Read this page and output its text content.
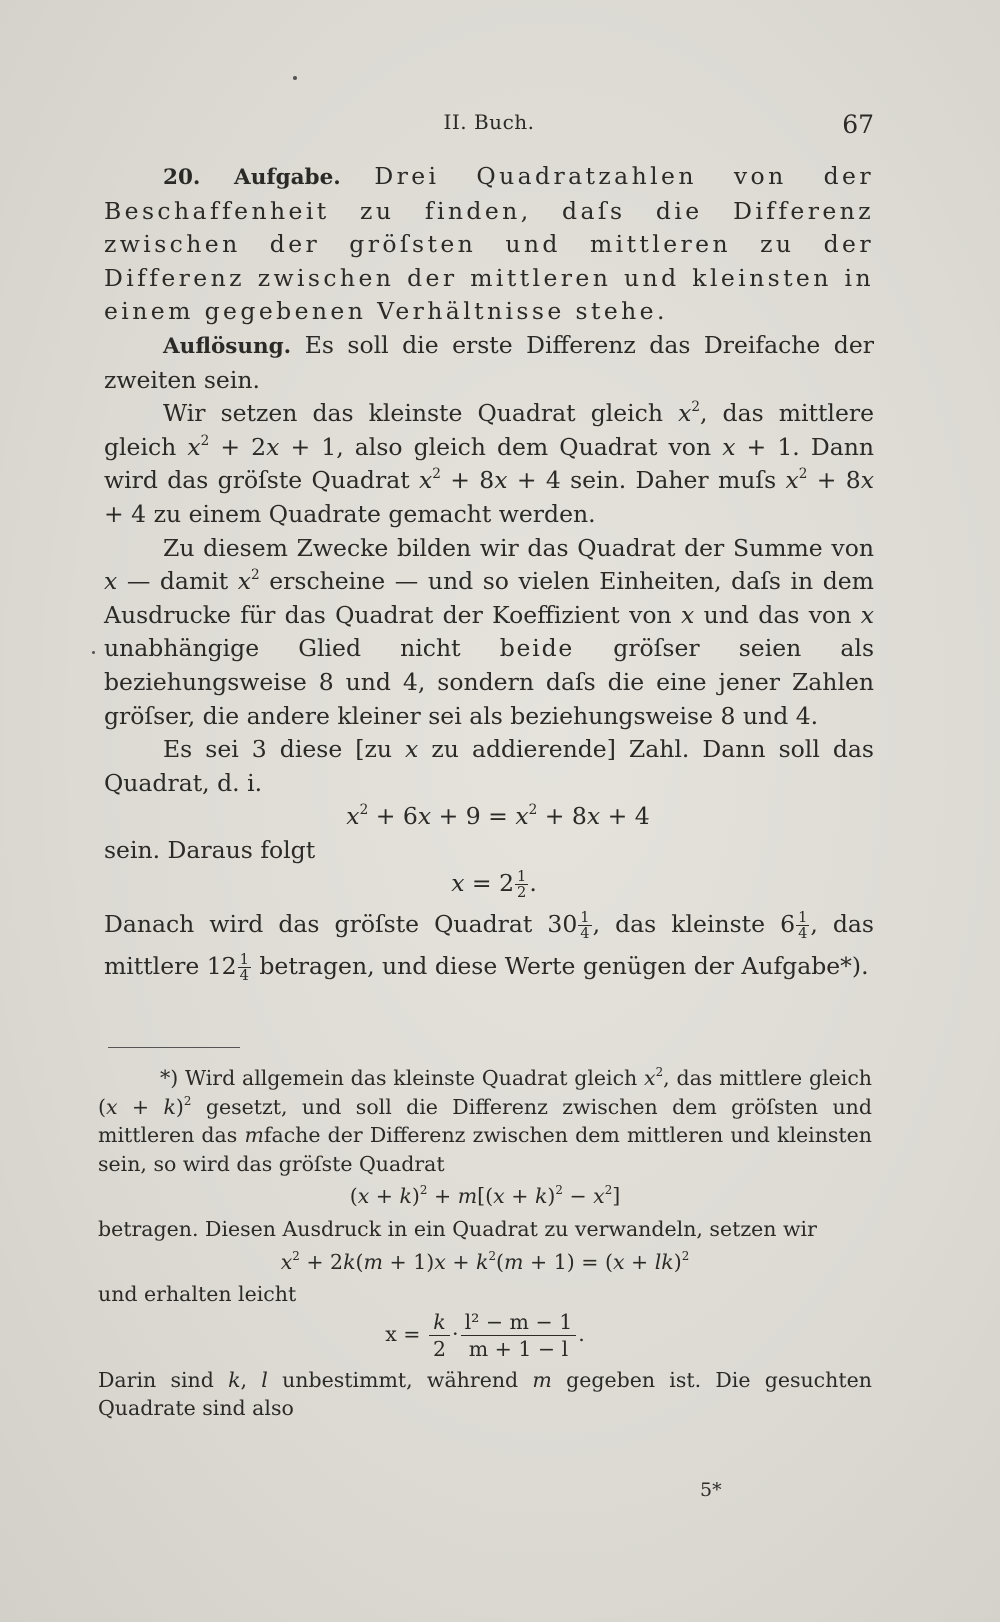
II. Buch.	67

20. Aufgabe. Drei Quadratzahlen von der Beschaffenheit zu finden, daſs die Differenz zwischen der gröſsten und mittleren zu der Differenz zwischen der mittleren und kleinsten in einem gegebenen Verhältnisse stehe.

Auflösung. Es soll die erste Differenz das Dreifache der zweiten sein.

Wir setzen das kleinste Quadrat gleich $x^2$, das mittlere gleich $x^2 + 2x + 1$, also gleich dem Quadrat von x + 1. Dann wird das gröſste Quadrat $x^2 + 8x + 4$ sein. Daher muſs $x^2 + 8x + 4$ zu einem Quadrate gemacht werden.

Zu diesem Zwecke bilden wir das Quadrat der Summe von x — damit $x^2$ erscheine — und so vielen Einheiten, daſs in dem Ausdrucke für das Quadrat der Koeffizient von x und das von x unabhängige Glied nicht beide gröſser seien als beziehungsweise 8 und 4, sondern daſs die eine jener Zahlen gröſser, die andere kleiner sei als beziehungsweise 8 und 4.

Es sei 3 diese [zu x zu addierende] Zahl. Dann soll das Quadrat, d. i.

$x^2 + 6x + 9 = x^2 + 8x + 4$

sein. Daraus folgt

$x = 2 \frac{1}{2}$ .

Danach wird das gröſste Quadrat $30 \frac{1}{4}$ , das kleinste $6 \frac{1}{4}$ , das mittlere $12 \frac{1}{4}$ betragen, und diese Werte genügen der Aufgabe*).

*) Wird allgemein das kleinste Quadrat gleich $x^2$, das mittlere gleich $(x + k)^2$ gesetzt, und soll die Differenz zwischen dem gröſsten und mittleren das mfache der Differenz zwischen dem mittleren und kleinsten sein, so wird das gröſste Quadrat

$(x + k)^2 + m[(x + k)^2 - x^2]$

betragen. Diesen Ausdruck in ein Quadrat zu verwandeln, setzen wir

$x^2 + 2k(m + 1)x + k^2(m + 1) = (x + lk)^2$

und erhalten leicht

$x = \frac{k}{2} \cdot \frac{\text{l² − m − 1}}{m + 1 - l}$ .

Darin sind k, l unbestimmt, während m gegeben ist. Die gesuchten Quadrate sind also

5*
